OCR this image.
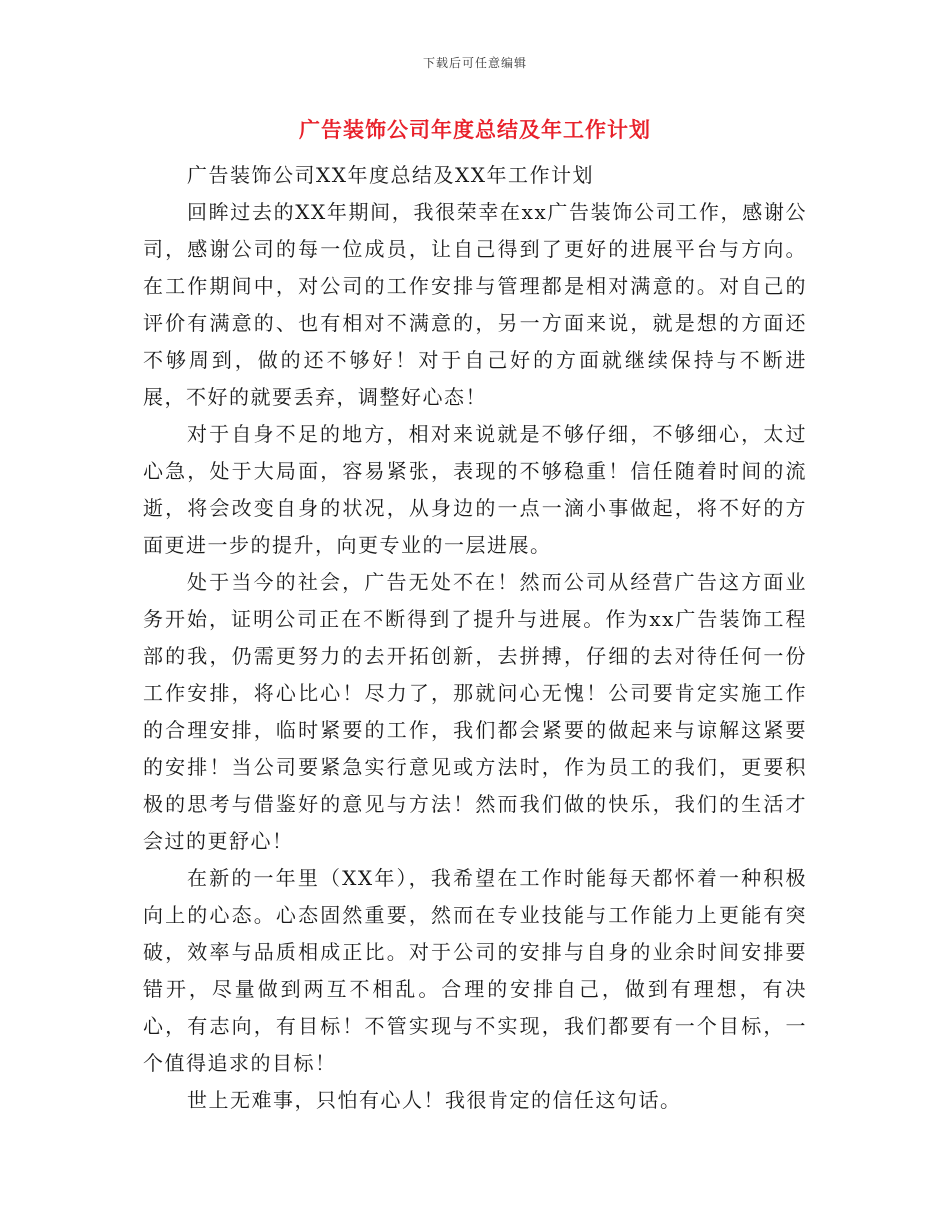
下载后可任意编辑
广告装饰公司年度总结及年工作计划

广告装饰公司XX年度总结及XX年工作计划

回眸过去的XX年期间，我很荣幸在xx广告装饰公司工作，感谢公司，感谢公司的每一位成员，让自己得到了更好的进展平台与方向。在工作期间中，对公司的工作安排与管理都是相对满意的。对自己的评价有满意的、也有相对不满意的，另一方面来说，就是想的方面还不够周到，做的还不够好！对于自己好的方面就继续保持与不断进展，不好的就要丢弃，调整好心态！

对于自身不足的地方，相对来说就是不够仔细，不够细心，太过心急，处于大局面，容易紧张，表现的不够稳重！信任随着时间的流逝，将会改变自身的状况，从身边的一点一滴小事做起，将不好的方面更进一步的提升，向更专业的一层进展。

处于当今的社会，广告无处不在！然而公司从经营广告这方面业务开始，证明公司正在不断得到了提升与进展。作为xx广告装饰工程部的我，仍需更努力的去开拓创新，去拼搏，仔细的去对待任何一份工作安排，将心比心！尽力了，那就问心无愧！公司要肯定实施工作的合理安排，临时紧要的工作，我们都会紧要的做起来与谅解这紧要的安排！当公司要紧急实行意见或方法时，作为员工的我们，更要积极的思考与借鉴好的意见与方法！然而我们做的快乐，我们的生活才会过的更舒心！

在新的一年里（XX年），我希望在工作时能每天都怀着一种积极向上的心态。心态固然重要，然而在专业技能与工作能力上更能有突破，效率与品质相成正比。对于公司的安排与自身的业余时间安排要错开，尽量做到两互不相乱。合理的安排自己，做到有理想，有决心，有志向，有目标！不管实现与不实现，我们都要有一个目标，一个值得追求的目标！

世上无难事，只怕有心人！我很肯定的信任这句话。
